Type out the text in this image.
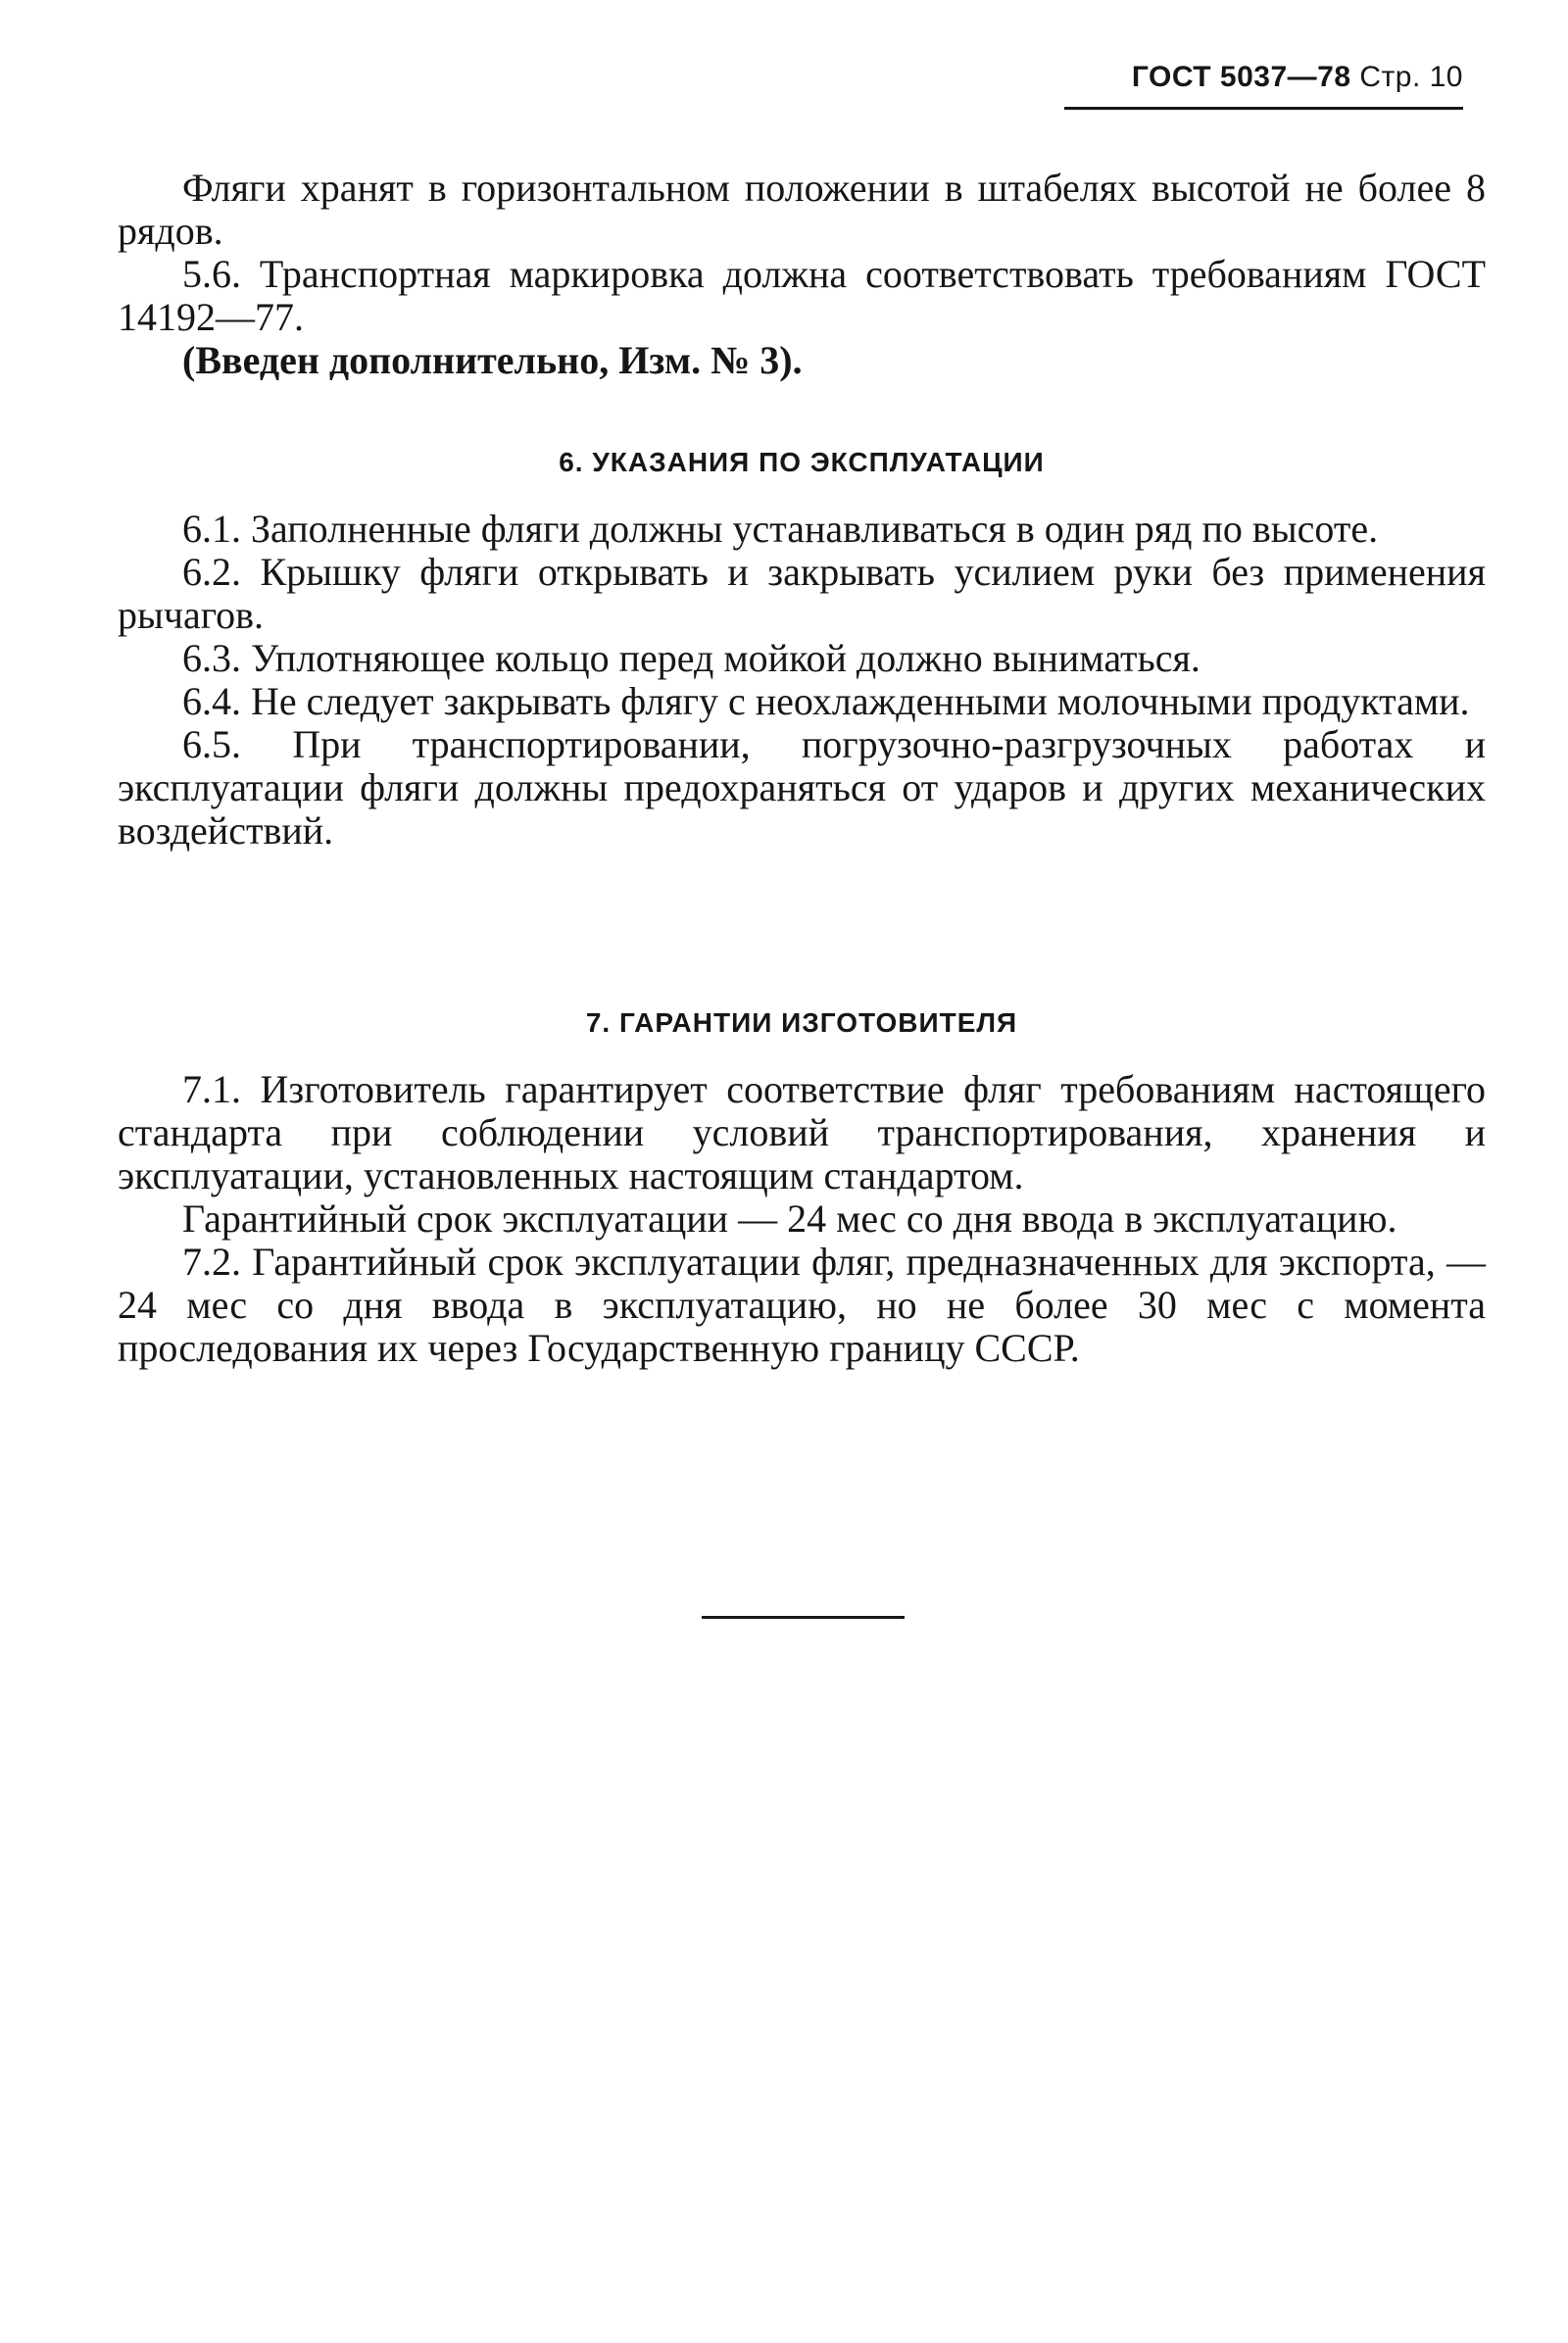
ГОСТ 5037—78 Стр. 10

Фляги хранят в горизонтальном положении в штабелях высотой не более 8 рядов.

5.6. Транспортная маркировка должна соответствовать требованиям ГОСТ 14192—77.

(Введен дополнительно, Изм. № 3).

6. УКАЗАНИЯ ПО ЭКСПЛУАТАЦИИ

6.1. Заполненные фляги должны устанавливаться в один ряд по высоте.

6.2. Крышку фляги открывать и закрывать усилием руки без применения рычагов.

6.3. Уплотняющее кольцо перед мойкой должно выниматься.

6.4. Не следует закрывать флягу с неохлажденными молочными продуктами.

6.5. При транспортировании, погрузочно-разгрузочных работах и эксплуатации фляги должны предохраняться от ударов и других механических воздействий.

7. ГАРАНТИИ ИЗГОТОВИТЕЛЯ

7.1. Изготовитель гарантирует соответствие фляг требованиям настоящего стандарта при соблюдении условий транспортирования, хранения и эксплуатации, установленных настоящим стандартом.

Гарантийный срок эксплуатации — 24 мес со дня ввода в эксплуатацию.

7.2. Гарантийный срок эксплуатации фляг, предназначенных для экспорта, — 24 мес со дня ввода в эксплуатацию, но не более 30 мес с момента проследования их через Государственную границу СССР.
